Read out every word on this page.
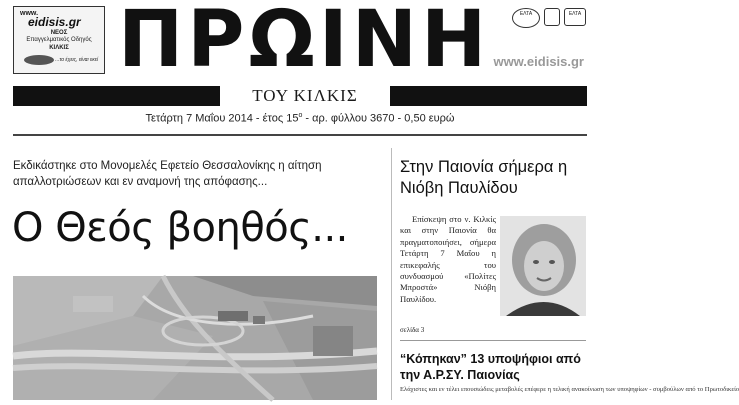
www.
eidisis.gr
ΝΕΟΣ
Επαγγελματικός Οδηγός
ΚΙΛΚΙΣ
...το έχεις, είναι εκεί ΠΡΩΙΝΗ www.eidisis.gr
ΕΛΤΑ	ΕΛΤΑ
ΤΟΥ ΚΙΛΚΙΣ
Τετάρτη 7 Μαΐου 2014 - έτος $15^o$ - αρ. φύλλου 3670 - 0,50 ευρώ
Εκδικάστηκε στο Μονομελές Εφετείο Θεσσαλονίκης η αίτηση απαλλοτριώσεων και εν αναμονή της απόφασης...
Ο Θεός βοηθός...
Στην Παιονία σήμερα η Νιόβη Παυλίδου
Επίσκεψη στο ν. Κιλκίς και στην Παιονία θα πραγματοποιήσει, σήμερα Τετάρτη 7 Μαΐου η επικεφαλής του συνδυασμού «Πολίτες Μπροστά» Νιόβη Παυλίδου.
σελίδα 3
“Κόπηκαν” 13 υποψήφιοι από την Α.Ρ.ΣΥ. Παιονίας
Ελάχιστες και εν τέλει επουσιώδεις μεταβολές επέφερε η τελική ανακοίνωση των υποψηφίων - συμβούλων από το Πρωτοδικείο
